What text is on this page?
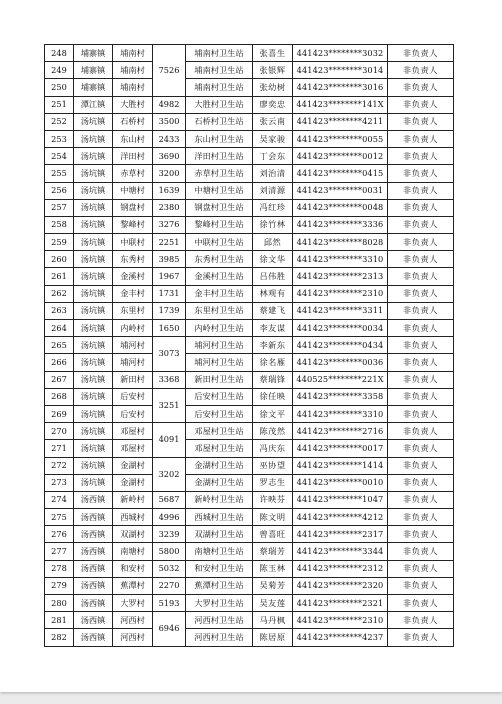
248	埔寨镇	埔南村	7526	埔南村卫生站	张喜生	441423********3032	非负责人
249	埔寨镇	埔南村		埔南村卫生站	张银辉	441423********3014	非负责人
250	埔寨镇	埔南村		埔南村卫生站	张幼树	441423********3016	非负责人
251	潭江镇	大胜村	4982	大胜村卫生站	廖奕忠	441423********141X	非负责人
252	汤坑镇	石桥村	3500	石桥村卫生站	张云南	441423********4211	非负责人
253	汤坑镇	东山村	2433	东山村卫生站	吴家骏	441423********0055	非负责人
254	汤坑镇	洋田村	3690	洋田村卫生站	丁会东	441423********0012	非负责人
255	汤坑镇	赤草村	3200	赤草村卫生站	刘治清	441423********0415	非负责人
256	汤坑镇	中塘村	1639	中塘村卫生站	刘清源	441423********0031	非负责人
257	汤坑镇	钢盘村	2380	钢盘村卫生站	冯红珍	441423********0048	非负责人
258	汤坑镇	黎峰村	3276	黎峰村卫生站	徐竹林	441423********3336	非负责人
259	汤坑镇	中联村	2251	中联村卫生站	邱然	441423********8028	非负责人
260	汤坑镇	东秀村	3985	东秀村卫生站	徐文华	441423********3310	非负责人
261	汤坑镇	金溪村	1967	金溪村卫生站	吕伟胜	441423********2313	非负责人
262	汤坑镇	金丰村	1731	金丰村卫生站	林观有	441423********2310	非负责人
263	汤坑镇	东里村	1739	东里村卫生站	蔡建飞	441423********3311	非负责人
264	汤坑镇	内岭村	1650	内岭村卫生站	李友谋	441423********0034	非负责人
265	汤坑镇	埔河村	3073	埔河村卫生站	李新东	441423********0434	非负责人
266	汤坑镇	埔河村		埔河村卫生站	徐名雁	441423********0036	非负责人
267	汤坑镇	新田村	3368	新田村卫生站	蔡瑞锋	440525********221X	非负责人
268	汤坑镇	后安村	3251	后安村卫生站	徐任映	441423********3358	非负责人
269	汤坑镇	后安村		后安村卫生站	徐文平	441423********3310	非负责人
270	汤坑镇	邓屋村	4091	邓屋村卫生站	陈茂然	441423********2716	非负责人
271	汤坑镇	邓屋村		邓屋村卫生站	冯庆东	441423********0017	非负责人
272	汤坑镇	金湖村	3202	金湖村卫生站	巫协望	441423********1414	非负责人
273	汤坑镇	金湖村		金湖村卫生站	罗志生	441423********0010	非负责人
274	汤西镇	新岭村	5687	新岭村卫生站	许映芬	441423********1047	非负责人
275	汤西镇	西城村	4996	西城村卫生站	陈文明	441423********4212	非负责人
276	汤西镇	双湖村	3239	双湖村卫生站	曾喜旺	441423********2317	非负责人
277	汤西镇	南塘村	5800	南塘村卫生站	蔡瑞芳	441423********3344	非负责人
278	汤西镇	和安村	5032	和安村卫生站	陈玉林	441423********2312	非负责人
279	汤西镇	蕉潭村	2270	蕉潭村卫生站	吴菊芳	441423********2320	非负责人
280	汤西镇	大罗村	5193	大罗村卫生站	吴友莲	441423********2321	非负责人
281	汤西镇	河西村	6946	河西村卫生站	马丹枫	441423********2310	非负责人
282	汤西镇	河西村		河西村卫生站	陈居原	441423********4237	非负责人
